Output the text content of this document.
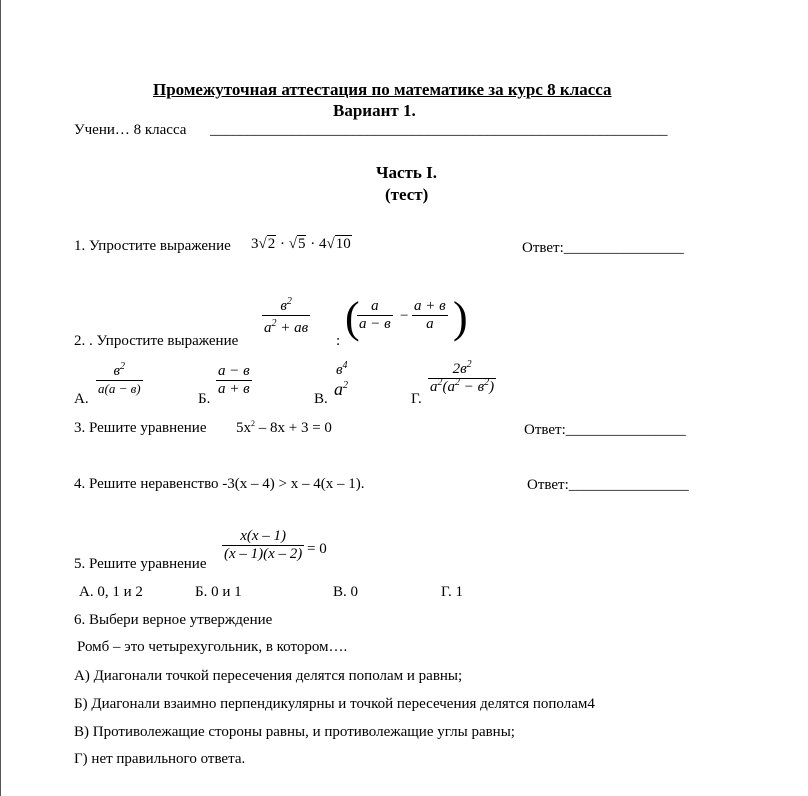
Промежуточная аттестация по математике за курс 8 класса
Вариант 1.
Учени… 8 класса _____________________________________________________________
Часть I.
(тест)
1. Упростите выражение 3√2 · √5 · 4√10	Ответ:________________
$в^2$
$a^2$ + aв
2. . Упростите выражение	: ( a
a − в −
a + в
a )
А.
$в^2$
a(a − в)
Б.
a − в
a + в
В.
$в^4$
$a^2$
Г.
$2в^2$
$a^2(a^2 - в^2)$
3. Решите уравнение $5x^2 - 8x + 3 = 0$	Ответ:________________
4. Решите неравенство -3(x – 4) > x – 4(x – 1).	Ответ:________________
$\frac{x(x - 1)}{(x - 1)(x - 2)} = 0$
5. Решите уравнение
А. 0, 1 и 2	Б. 0 и 1	В. 0	Г. 1
6. Выбери верное утверждение
Ромб – это четырехугольник, в котором….
А) Диагонали точкой пересечения делятся пополам и равны;
Б) Диагонали взаимно перпендикулярны и точкой пересечения делятся пополам4
В) Противолежащие стороны равны, и противолежащие углы равны;
Г) нет правильного ответа.
